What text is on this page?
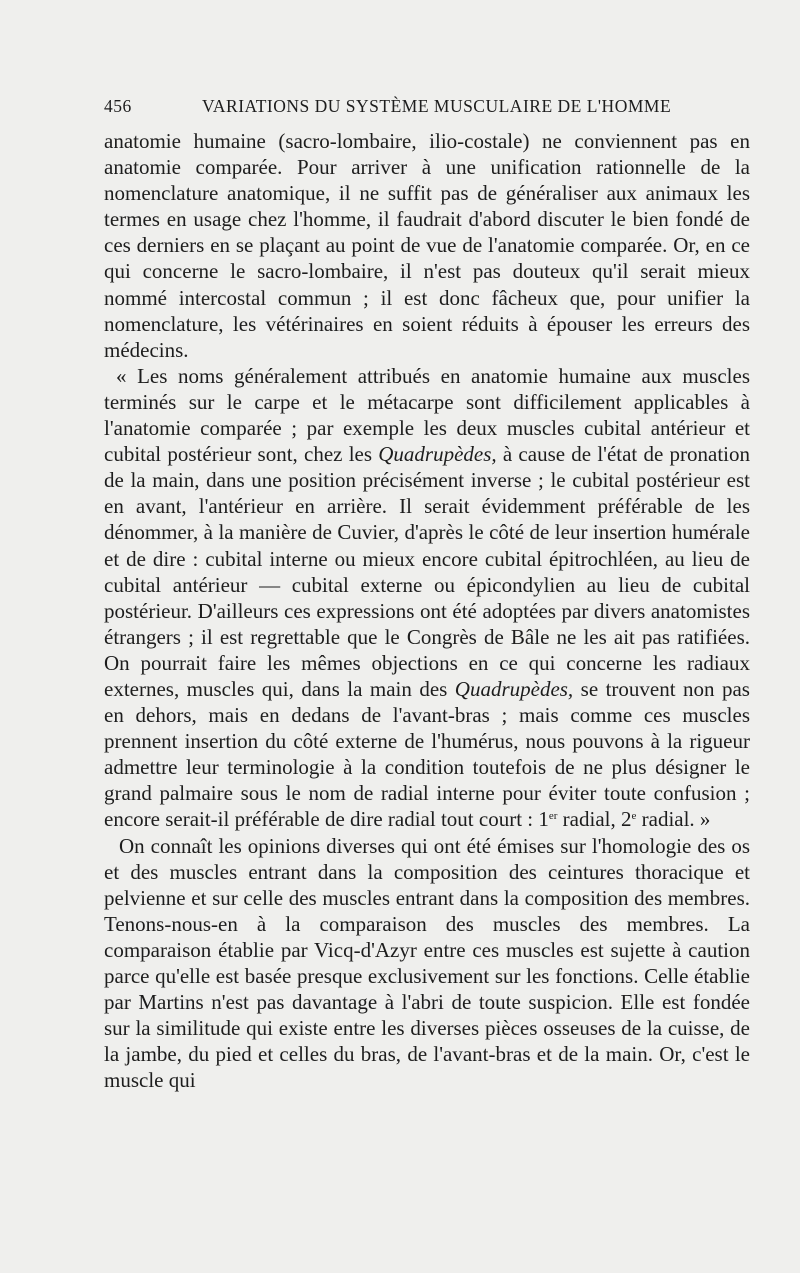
456	VARIATIONS DU SYSTÈME MUSCULAIRE DE L'HOMME

anatomie humaine (sacro-lombaire, ilio-costale) ne conviennent pas en anatomie comparée. Pour arriver à une unification rationnelle de la nomenclature anatomique, il ne suffit pas de généraliser aux animaux les termes en usage chez l'homme, il faudrait d'abord discuter le bien fondé de ces derniers en se plaçant au point de vue de l'anatomie comparée. Or, en ce qui concerne le sacro-lombaire, il n'est pas douteux qu'il serait mieux nommé intercostal commun ; il est donc fâcheux que, pour unifier la nomenclature, les vétérinaires en soient réduits à épouser les erreurs des médecins.

« Les noms généralement attribués en anatomie humaine aux muscles terminés sur le carpe et le métacarpe sont difficilement applicables à l'anatomie comparée ; par exemple les deux muscles cubital antérieur et cubital postérieur sont, chez les Quadrupèdes, à cause de l'état de pronation de la main, dans une position précisément inverse ; le cubital postérieur est en avant, l'antérieur en arrière. Il serait évidemment préférable de les dénommer, à la manière de Cuvier, d'après le côté de leur insertion humérale et de dire : cubital interne ou mieux encore cubital épitrochléen, au lieu de cubital antérieur — cubital externe ou épicondylien au lieu de cubital postérieur. D'ailleurs ces expressions ont été adoptées par divers anatomistes étrangers ; il est regrettable que le Congrès de Bâle ne les ait pas ratifiées. On pourrait faire les mêmes objections en ce qui concerne les radiaux externes, muscles qui, dans la main des Quadrupèdes, se trouvent non pas en dehors, mais en dedans de l'avant-bras ; mais comme ces muscles prennent insertion du côté externe de l'humérus, nous pouvons à la rigueur admettre leur terminologie à la condition toutefois de ne plus désigner le grand palmaire sous le nom de radial interne pour éviter toute confusion ; encore serait-il préférable de dire radial tout court : 1er radial, 2e radial. »

On connaît les opinions diverses qui ont été émises sur l'homologie des os et des muscles entrant dans la composition des ceintures thoracique et pelvienne et sur celle des muscles entrant dans la composition des membres. Tenons-nous-en à la comparaison des muscles des membres. La comparaison établie par Vicq-d'Azyr entre ces muscles est sujette à caution parce qu'elle est basée presque exclusivement sur les fonctions. Celle établie par Martins n'est pas davantage à l'abri de toute suspicion. Elle est fondée sur la similitude qui existe entre les diverses pièces osseuses de la cuisse, de la jambe, du pied et celles du bras, de l'avant-bras et de la main. Or, c'est le muscle qui
